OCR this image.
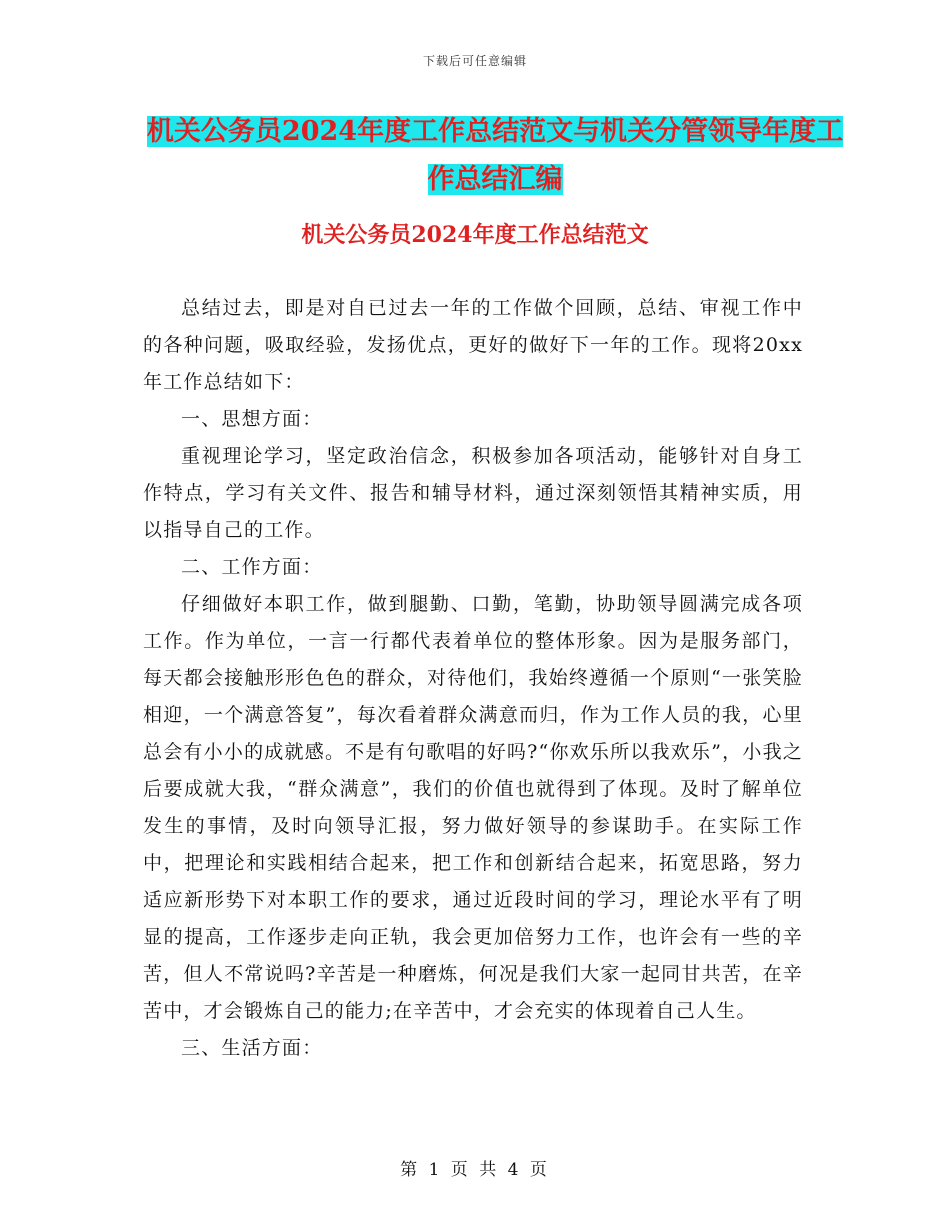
下载后可任意编辑
机关公务员2024年度工作总结范文与机关分管领导年度工作总结汇编
机关公务员2024年度工作总结范文

总结过去，即是对自已过去一年的工作做个回顾，总结、审视工作中的各种问题，吸取经验，发扬优点，更好的做好下一年的工作。现将20xx年工作总结如下：

一、思想方面：

重视理论学习，坚定政治信念，积极参加各项活动，能够针对自身工作特点，学习有关文件、报告和辅导材料，通过深刻领悟其精神实质，用以指导自己的工作。

二、工作方面：

仔细做好本职工作，做到腿勤、口勤，笔勤，协助领导圆满完成各项工作。作为单位，一言一行都代表着单位的整体形象。因为是服务部门，每天都会接触形形色色的群众，对待他们，我始终遵循一个原则“一张笑脸相迎，一个满意答复”，每次看着群众满意而归，作为工作人员的我，心里总会有小小的成就感。不是有句歌唱的好吗?“你欢乐所以我欢乐”，小我之后要成就大我，“群众满意”，我们的价值也就得到了体现。及时了解单位发生的事情，及时向领导汇报，努力做好领导的参谋助手。在实际工作中，把理论和实践相结合起来，把工作和创新结合起来，拓宽思路，努力适应新形势下对本职工作的要求，通过近段时间的学习，理论水平有了明显的提高，工作逐步走向正轨，我会更加倍努力工作，也许会有一些的辛苦，但人不常说吗?辛苦是一种磨炼，何况是我们大家一起同甘共苦，在辛苦中，才会锻炼自己的能力;在辛苦中，才会充实的体现着自己人生。

三、生活方面：

第 1 页 共 4 页
